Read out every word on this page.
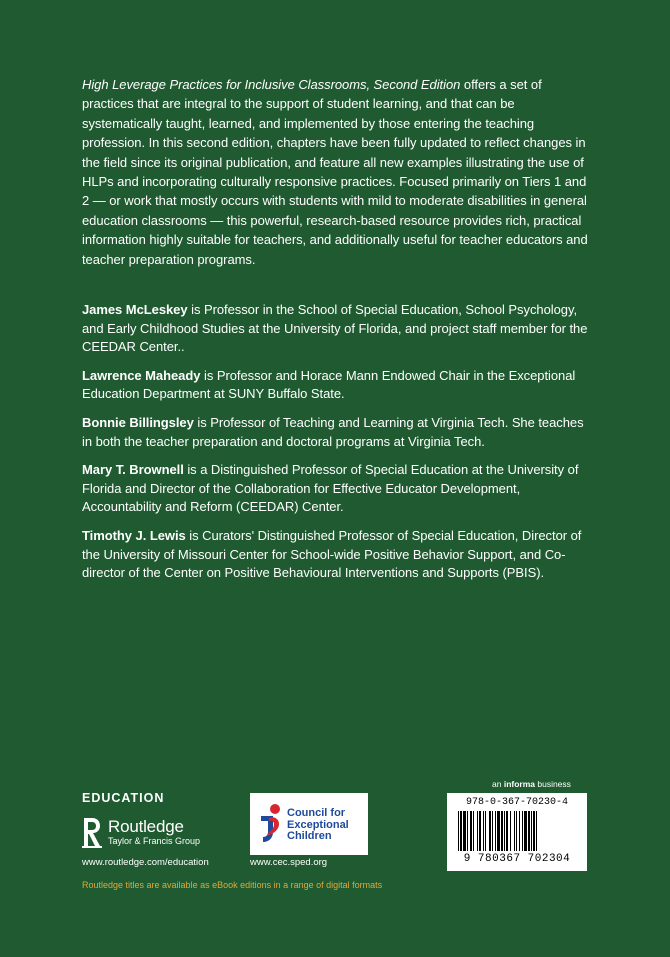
High Leverage Practices for Inclusive Classrooms, Second Edition offers a set of practices that are integral to the support of student learning, and that can be systematically taught, learned, and implemented by those entering the teaching profession. In this second edition, chapters have been fully updated to reflect changes in the field since its original publication, and feature all new examples illustrating the use of HLPs and incorporating culturally responsive practices. Focused primarily on Tiers 1 and 2 — or work that mostly occurs with students with mild to moderate disabilities in general education classrooms — this powerful, research-based resource provides rich, practical information highly suitable for teachers, and additionally useful for teacher educators and teacher preparation programs.

James McLeskey is Professor in the School of Special Education, School Psychology, and Early Childhood Studies at the University of Florida, and project staff member for the CEEDAR Center..

Lawrence Maheady is Professor and Horace Mann Endowed Chair in the Exceptional Education Department at SUNY Buffalo State.

Bonnie Billingsley is Professor of Teaching and Learning at Virginia Tech. She teaches in both the teacher preparation and doctoral programs at Virginia Tech.

Mary T. Brownell is a Distinguished Professor of Special Education at the University of Florida and Director of the Collaboration for Effective Educator Development, Accountability and Reform (CEEDAR) Center.

Timothy J. Lewis is Curators' Distinguished Professor of Special Education, Director of the University of Missouri Center for School-wide Positive Behavior Support, and Co-director of the Center on Positive Behavioural Interventions and Supports (PBIS).

EDUCATION
Routledge
Taylor & Francis Group
www.routledge.com/education
Council for
Exceptional
Children
www.cec.sped.org
Routledge titles are available as eBook editions in a range of digital formats
an informa business
978-0-367-70230-4
9 780367 702304
